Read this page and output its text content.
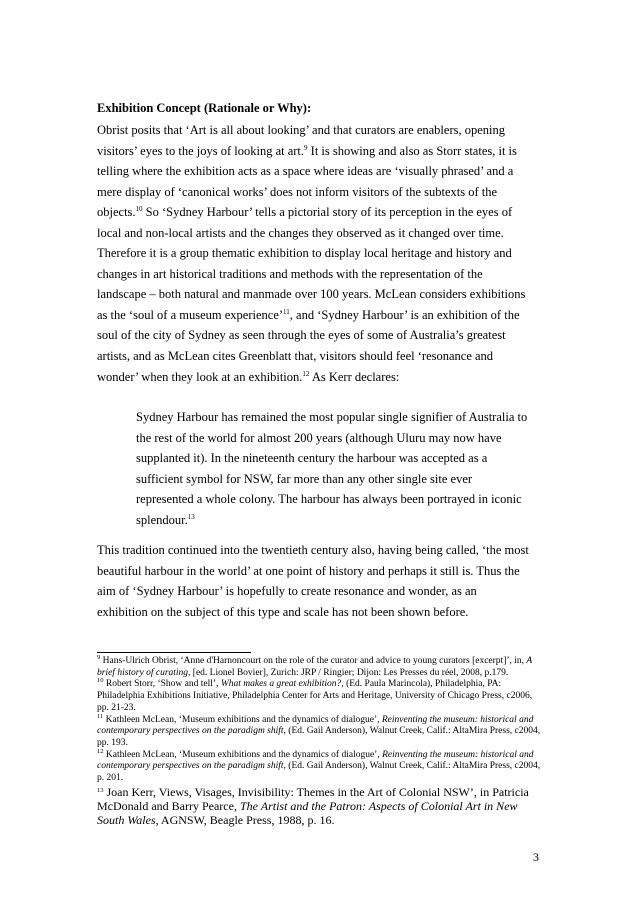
Exhibition Concept (Rationale or Why):
Obrist posits that ‘Art is all about looking’ and that curators are enablers, opening
visitors’ eyes to the joys of looking at art.$^9$ It is showing and also as Storr states, it is
telling where the exhibition acts as a space where ideas are ‘visually phrased’ and a
mere display of ‘canonical works’ does not inform visitors of the subtexts of the
objects.$^{10}$ So ‘Sydney Harbour’ tells a pictorial story of its perception in the eyes of
local and non-local artists and the changes they observed as it changed over time.
Therefore it is a group thematic exhibition to display local heritage and history and
changes in art historical traditions and methods with the representation of the
landscape – both natural and manmade over 100 years. McLean considers exhibitions
as the ‘soul of a museum experience’$^{11}$, and ‘Sydney Harbour’ is an exhibition of the
soul of the city of Sydney as seen through the eyes of some of Australia’s greatest
artists, and as McLean cites Greenblatt that, visitors should feel ‘resonance and
wonder’ when they look at an exhibition.$^{12}$ As Kerr declares:
Sydney Harbour has remained the most popular single signifier of Australia to
the rest of the world for almost 200 years (although Uluru may now have
supplanted it). In the nineteenth century the harbour was accepted as a
sufficient symbol for NSW, far more than any other single site ever
represented a whole colony. The harbour has always been portrayed in iconic
splendour.$^{13}$
This tradition continued into the twentieth century also, having being called, ‘the most
beautiful harbour in the world’ at one point of history and perhaps it still is. Thus the
aim of ‘Sydney Harbour’ is hopefully to create resonance and wonder, as an
exhibition on the subject of this type and scale has not been shown before.

$^9$ Hans-Ulrich Obrist, ‘Anne d'Harnoncourt on the role of the curator and advice to young curators [excerpt]’, in, A brief history of curating, [ed. Lionel Bovier], Zurich: JRP / Ringier; Dijon: Les Presses du réel, 2008, p.179.

$^{10}$ Robert Storr, ‘Show and tell’, What makes a great exhibition?, (Ed. Paula Marincola), Philadelphia, PA: Philadelphia Exhibitions Initiative, Philadelphia Center for Arts and Heritage, University of Chicago Press, c2006, pp. 21-23.

$^{11}$ Kathleen McLean, ‘Museum exhibitions and the dynamics of dialogue’, Reinventing the museum: historical and contemporary perspectives on the paradigm shift, (Ed. Gail Anderson), Walnut Creek, Calif.: AltaMira Press, c2004, pp. 193.

$^{12}$ Kathleen McLean, ‘Museum exhibitions and the dynamics of dialogue’, Reinventing the museum: historical and contemporary perspectives on the paradigm shift, (Ed. Gail Anderson), Walnut Creek, Calif.: AltaMira Press, c2004, p. 201.

$^{13}$ Joan Kerr, Views, Visages, Invisibility: Themes in the Art of Colonial NSW’, in Patricia McDonald and Barry Pearce, The Artist and the Patron: Aspects of Colonial Art in New South Wales, AGNSW, Beagle Press, 1988, p. 16.

3
